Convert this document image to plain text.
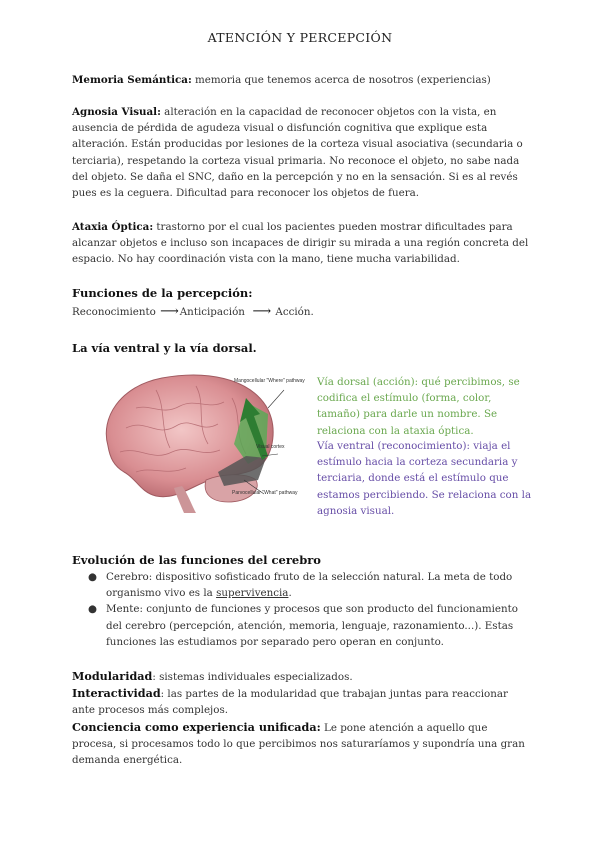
ATENCIÓN Y PERCEPCIÓN

Memoria Semántica: memoria que tenemos acerca de nosotros (experiencias)

Agnosia Visual: alteración en la capacidad de reconocer objetos con la vista, en ausencia de pérdida de agudeza visual o disfunción cognitiva que explique esta alteración. Están producidas por lesiones de la corteza visual asociativa (secundaria o terciaria), respetando la corteza visual primaria. No reconoce el objeto, no sabe nada del objeto. Se daña el SNC, daño en la percepción y no en la sensación. Si es al revés pues es la ceguera. Dificultad para reconocer los objetos de fuera.

Ataxia Óptica: trastorno por el cual los pacientes pueden mostrar dificultades para alcanzar objetos e incluso son incapaces de dirigir su mirada a una región concreta del espacio. No hay coordinación vista con la mano, tiene mucha variabilidad.

Funciones de la percepción:
Reconocimiento ⟶Anticipación ⟶ Acción.
La vía ventral y la vía dorsal.
Mangocellular "Where" pathway
Visual cortex
Parvocellular "What" pathway
Vía dorsal (acción): qué percibimos, se codifica el estímulo (forma, color, tamaño) para darle un nombre. Se relaciona con la ataxia óptica.
Vía ventral (reconocimiento): viaja el estímulo hacia la corteza secundaria y terciaria, donde está el estímulo que estamos percibiendo. Se relaciona con la agnosia visual.
Evolución de las funciones del cerebro
● Cerebro: dispositivo sofisticado fruto de la selección natural. La meta de todo organismo vivo es la supervivencia.
● Mente: conjunto de funciones y procesos que son producto del funcionamiento del cerebro (percepción, atención, memoria, lenguaje, razonamiento...). Estas funciones las estudiamos por separado pero operan en conjunto.

Modularidad: sistemas individuales especializados.

Interactividad: las partes de la modularidad que trabajan juntas para reaccionar ante procesos más complejos.

Conciencia como experiencia unificada: Le pone atención a aquello que procesa, si procesamos todo lo que percibimos nos saturaríamos y supondría una gran demanda energética.
